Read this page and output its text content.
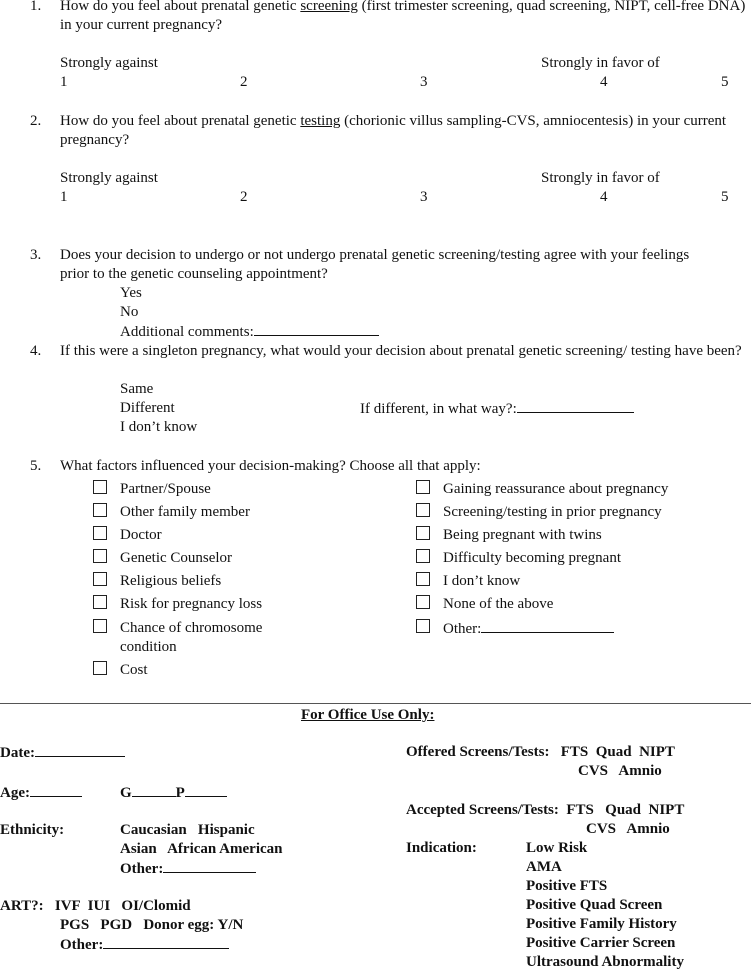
1. How do you feel about prenatal genetic screening (first trimester screening, quad screening, NIPT, cell-free DNA) in your current pregnancy?
Strongly against	Strongly in favor of
1	2	3	4	5
2. How do you feel about prenatal genetic testing (chorionic villus sampling-CVS, amniocentesis) in your current pregnancy?
Strongly against	Strongly in favor of
1	2	3	4	5
3. Does your decision to undergo or not undergo prenatal genetic screening/testing agree with your feelings prior to the genetic counseling appointment?
Yes
No
Additional comments:
4. If this were a singleton pregnancy, what would your decision about prenatal genetic screening/ testing have been?
Same
Different
I don’t know
If different, in what way?:
5. What factors influenced your decision-making? Choose all that apply:
Partner/Spouse
Other family member
Doctor
Genetic Counselor
Religious beliefs
Risk for pregnancy loss
Chance of chromosome
condition
Cost
Gaining reassurance about pregnancy
Screening/testing in prior pregnancy
Being pregnant with twins
Difficulty becoming pregnant
I don’t know
None of the above
Other:
For Office Use Only:
Date:
Age:	G	P
Ethnicity:	Caucasian   Hispanic
Asian   African American
Other:
ART?:   IVF  IUI   OI/Clomid
PGS   PGD   Donor egg: Y/N
Other:
Offered Screens/Tests:   FTS  Quad  NIPT
CVS   Amnio
Accepted Screens/Tests:  FTS   Quad  NIPT
CVS   Amnio
Indication:	Low Risk
AMA
Positive FTS
Positive Quad Screen
Positive Family History
Positive Carrier Screen
Ultrasound Abnormality
